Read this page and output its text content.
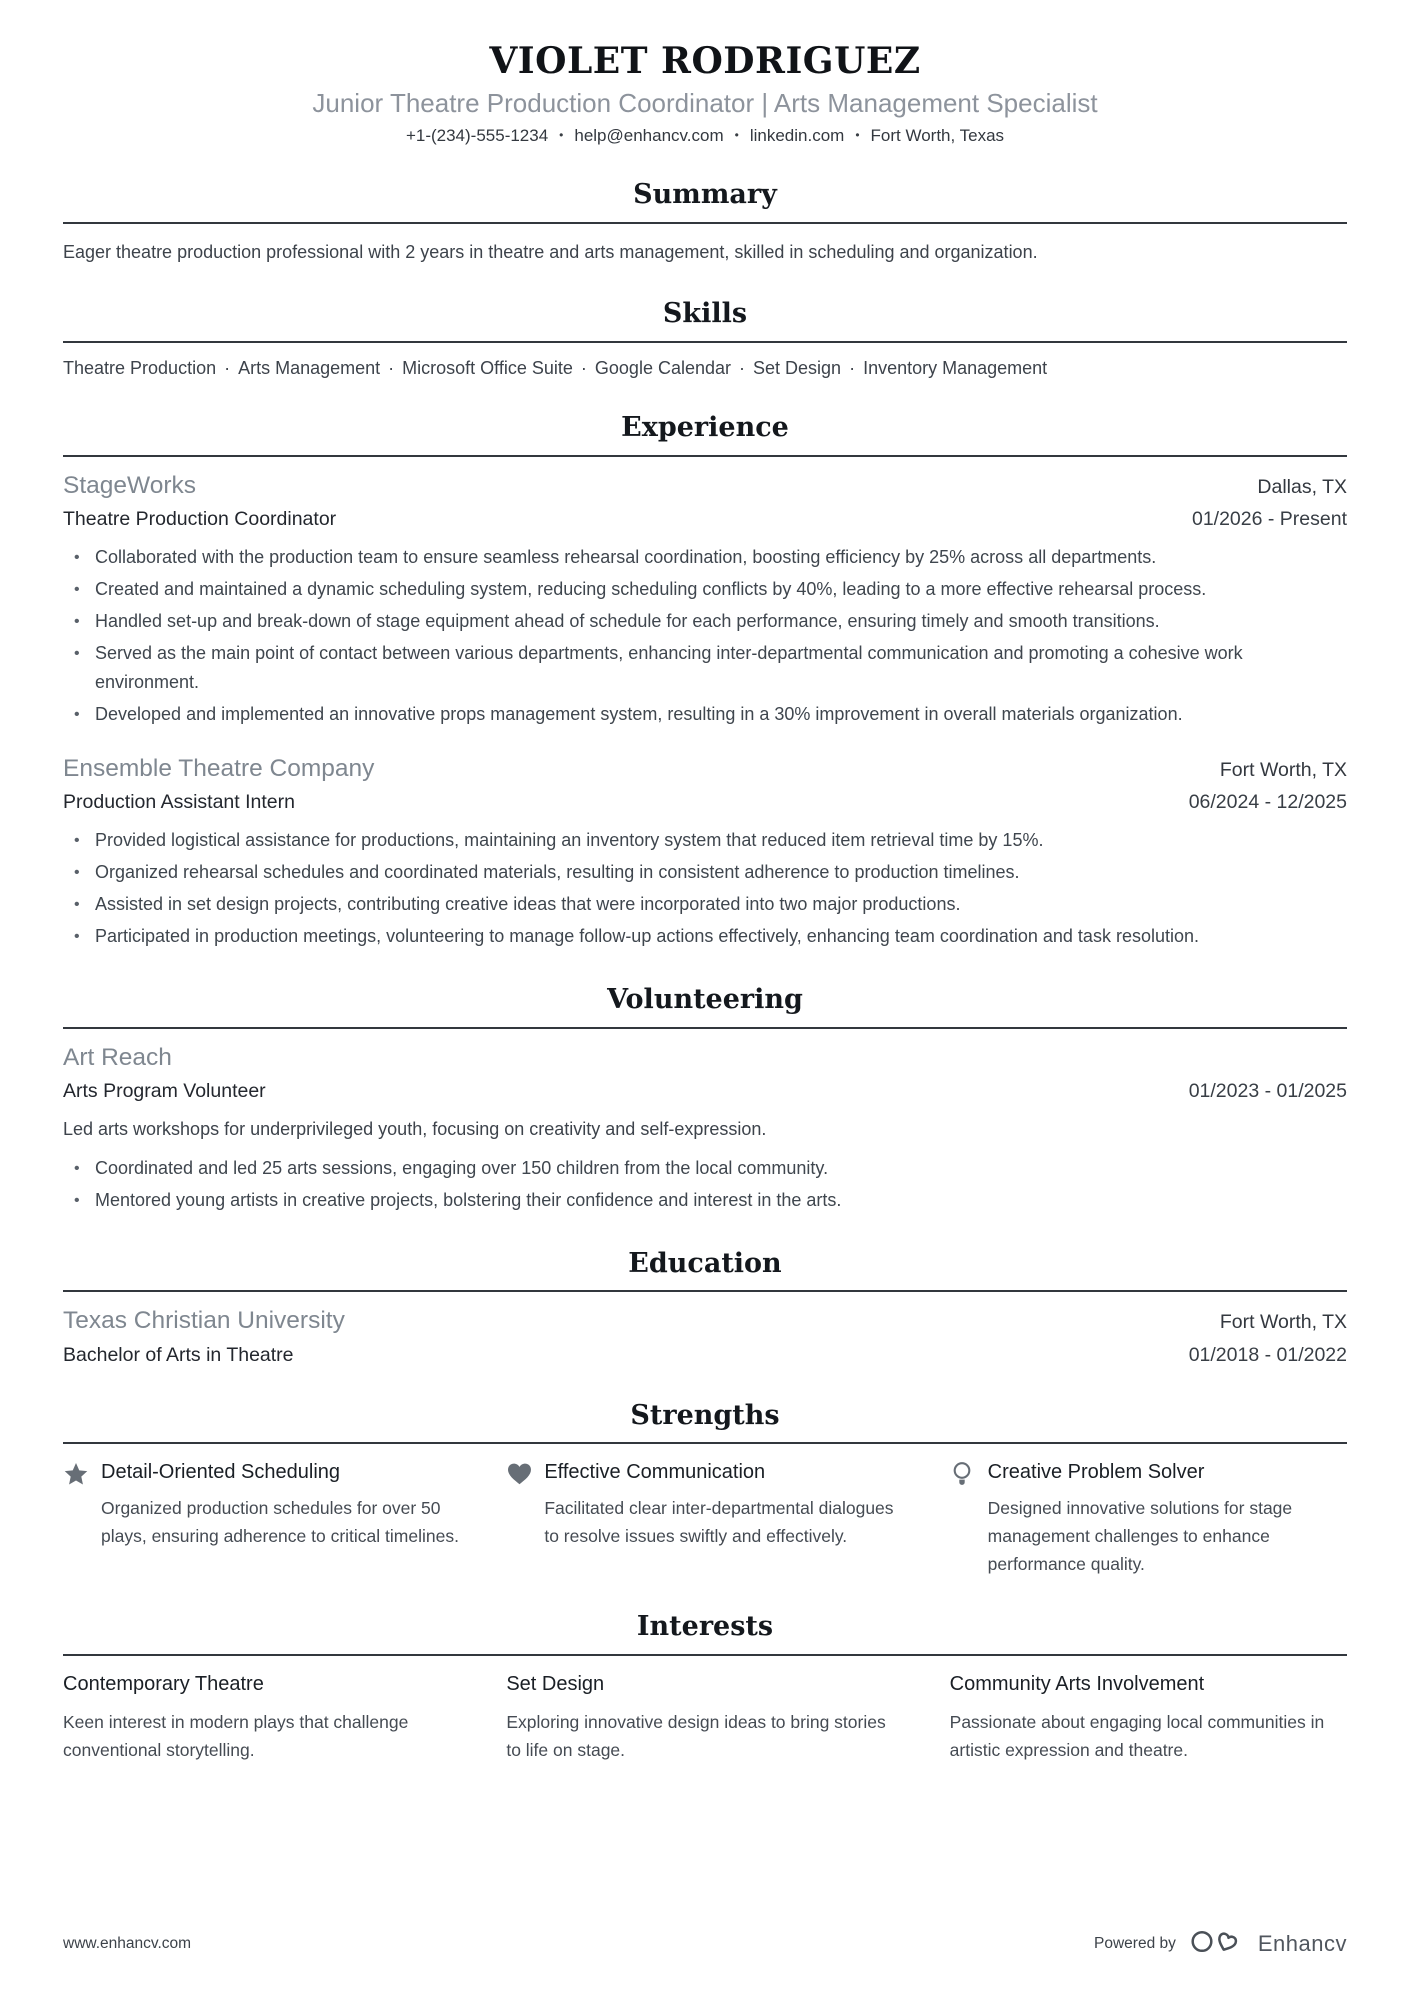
VIOLET RODRIGUEZ
Junior Theatre Production Coordinator | Arts Management Specialist
+1-(234)-555-1234 • help@enhancv.com • linkedin.com • Fort Worth, Texas
Summary

Eager theatre production professional with 2 years in theatre and arts management, skilled in scheduling and organization.

Skills

Theatre Production · Arts Management · Microsoft Office Suite · Google Calendar · Set Design · Inventory Management

Experience
StageWorks	Dallas, TX
Theatre Production Coordinator	01/2026 - Present
• Collaborated with the production team to ensure seamless rehearsal coordination, boosting efficiency by 25% across all departments.
• Created and maintained a dynamic scheduling system, reducing scheduling conflicts by 40%, leading to a more effective rehearsal process.
• Handled set-up and break-down of stage equipment ahead of schedule for each performance, ensuring timely and smooth transitions.
• Served as the main point of contact between various departments, enhancing inter-departmental communication and promoting a cohesive work environment.
• Developed and implemented an innovative props management system, resulting in a 30% improvement in overall materials organization.
Ensemble Theatre Company	Fort Worth, TX
Production Assistant Intern	06/2024 - 12/2025
• Provided logistical assistance for productions, maintaining an inventory system that reduced item retrieval time by 15%.
• Organized rehearsal schedules and coordinated materials, resulting in consistent adherence to production timelines.
• Assisted in set design projects, contributing creative ideas that were incorporated into two major productions.
• Participated in production meetings, volunteering to manage follow-up actions effectively, enhancing team coordination and task resolution.
Volunteering
Art Reach
Arts Program Volunteer	01/2023 - 01/2025

Led arts workshops for underprivileged youth, focusing on creativity and self-expression.

• Coordinated and led 25 arts sessions, engaging over 150 children from the local community.
• Mentored young artists in creative projects, bolstering their confidence and interest in the arts.
Education
Texas Christian University	Fort Worth, TX
Bachelor of Arts in Theatre	01/2018 - 01/2022
Strengths
Detail-Oriented Scheduling
Organized production schedules for over 50 plays, ensuring adherence to critical timelines.
Effective Communication
Facilitated clear inter-departmental dialogues to resolve issues swiftly and effectively.
Creative Problem Solver
Designed innovative solutions for stage management challenges to enhance performance quality.
Interests
Contemporary Theatre
Keen interest in modern plays that challenge conventional storytelling.
Set Design
Exploring innovative design ideas to bring stories to life on stage.
Community Arts Involvement
Passionate about engaging local communities in artistic expression and theatre.
www.enhancv.com	Powered by	Enhancv
